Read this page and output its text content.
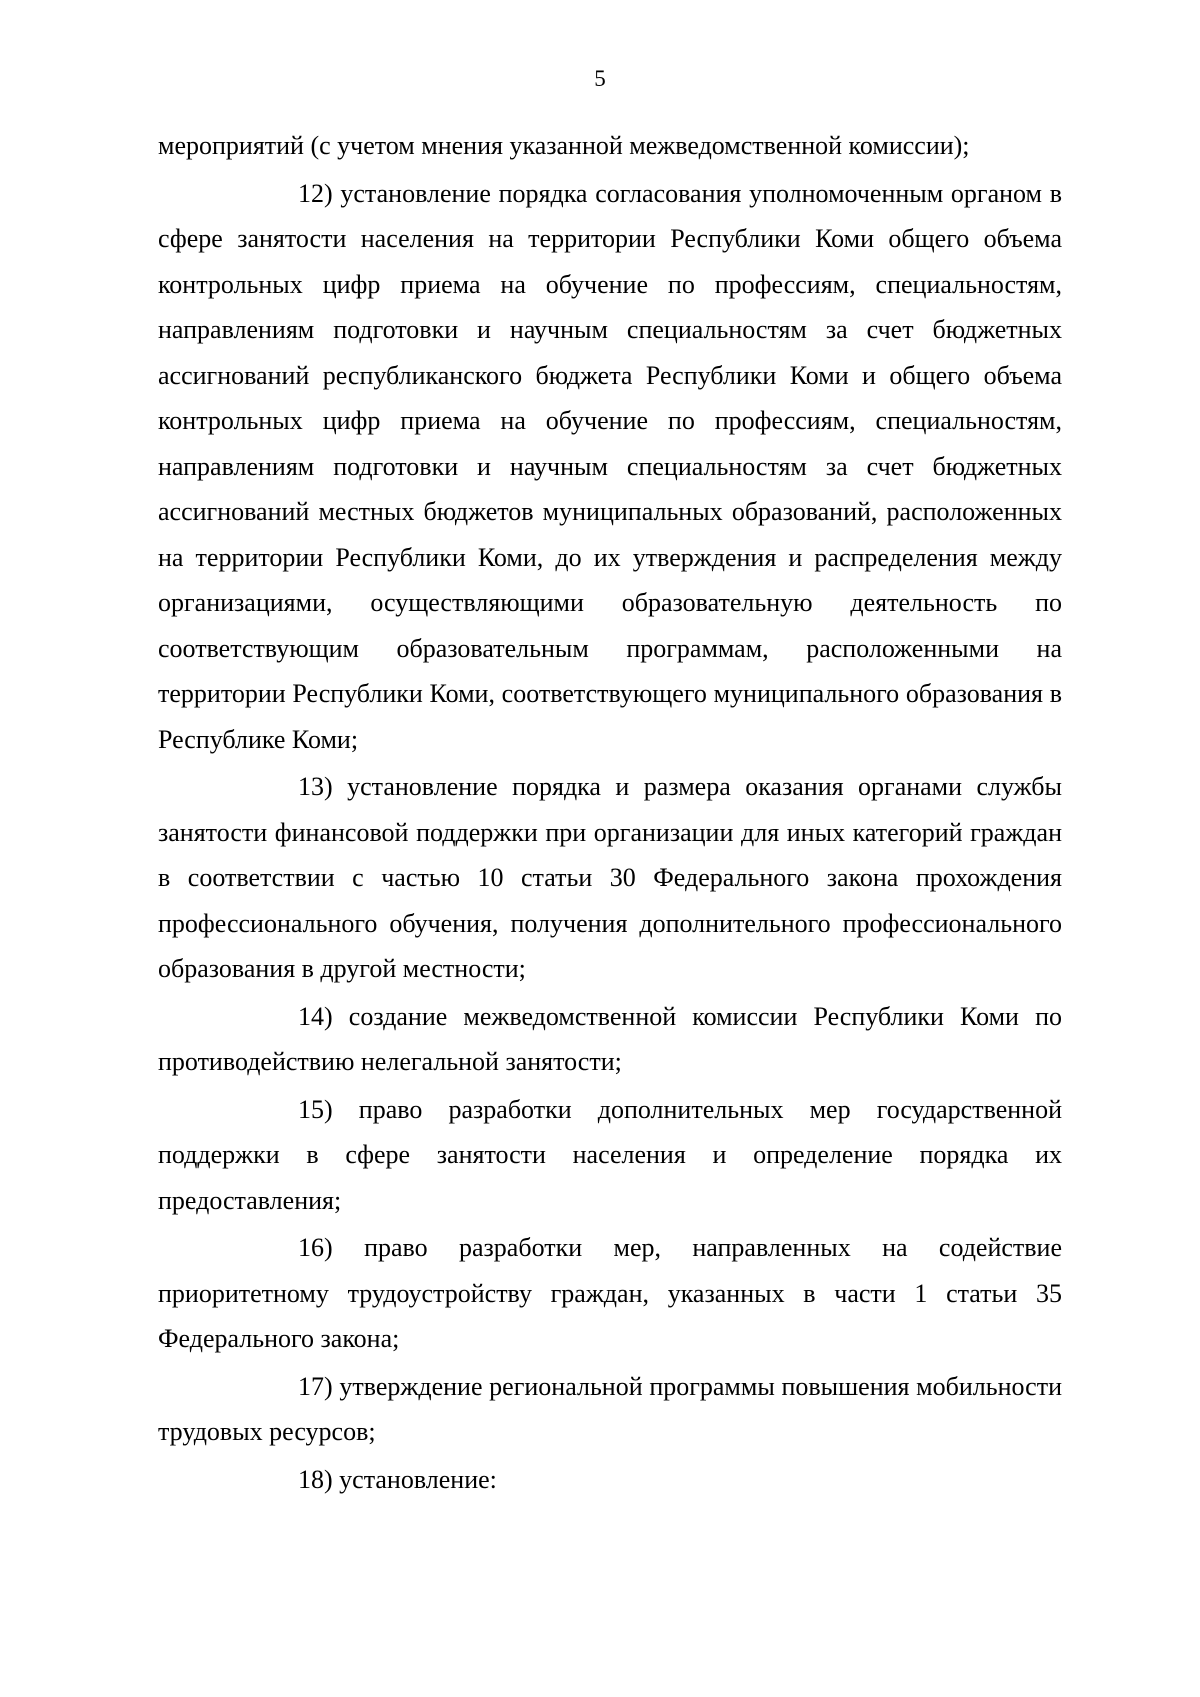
5

мероприятий (с учетом мнения указанной межведомственной комиссии);

12) установление порядка согласования уполномоченным органом в сфере занятости населения на территории Республики Коми общего объема контрольных цифр приема на обучение по профессиям, специальностям, направлениям подготовки и научным специальностям за счет бюджетных ассигнований республиканского бюджета Республики Коми и общего объема контрольных цифр приема на обучение по профессиям, специальностям, направлениям подготовки и научным специальностям за счет бюджетных ассигнований местных бюджетов муниципальных образований, расположенных на территории Республики Коми, до их утверждения и распределения между организациями, осуществляющими образовательную деятельность по соответствующим образовательным программам, расположенными на территории Республики Коми, соответствующего муниципального образования в Республике Коми;

13) установление порядка и размера оказания органами службы занятости финансовой поддержки при организации для иных категорий граждан в соответствии с частью 10 статьи 30 Федерального закона прохождения профессионального обучения, получения дополнительного профессионального образования в другой местности;

14) создание межведомственной комиссии Республики Коми по противодействию нелегальной занятости;

15) право разработки дополнительных мер государственной поддержки в сфере занятости населения и определение порядка их предоставления;

16) право разработки мер, направленных на содействие приоритетному трудоустройству граждан, указанных в части 1 статьи 35 Федерального закона;

17) утверждение региональной программы повышения мобильности трудовых ресурсов;

18) установление:
